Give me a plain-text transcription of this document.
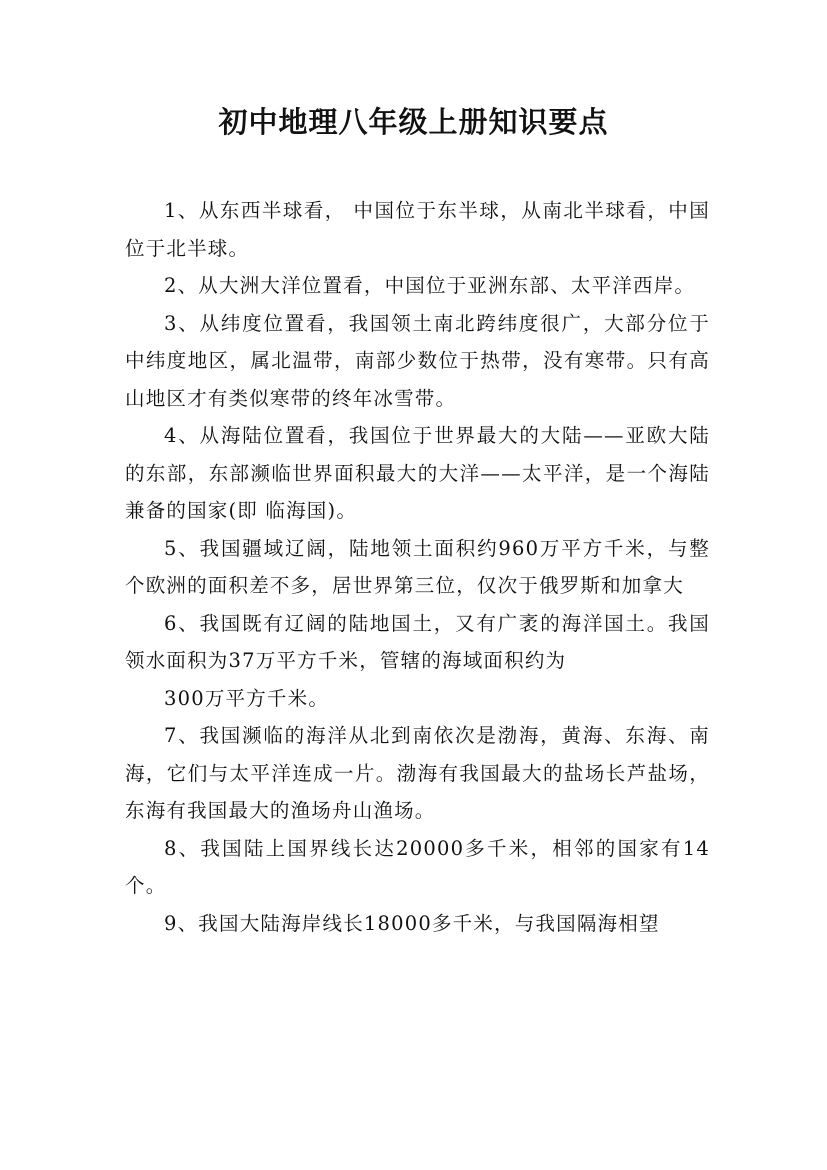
初中地理八年级上册知识要点

1、从东西半球看， 中国位于东半球，从南北半球看，中国位于北半球。

2、从大洲大洋位置看，中国位于亚洲东部、太平洋西岸。

3、从纬度位置看，我国领土南北跨纬度很广，大部分位于中纬度地区，属北温带，南部少数位于热带，没有寒带。只有高山地区才有类似寒带的终年冰雪带。

4、从海陆位置看，我国位于世界最大的大陆——亚欧大陆的东部，东部濒临世界面积最大的大洋——太平洋，是一个海陆兼备的国家(即 临海国)。

5、我国疆域辽阔，陆地领土面积约960万平方千米，与整个欧洲的面积差不多，居世界第三位，仅次于俄罗斯和加拿大

6、我国既有辽阔的陆地国土，又有广袤的海洋国土。我国领水面积为37万平方千米，管辖的海域面积约为

300万平方千米。

7、我国濒临的海洋从北到南依次是渤海，黄海、东海、南海，它们与太平洋连成一片。渤海有我国最大的盐场长芦盐场，东海有我国最大的渔场舟山渔场。

8、我国陆上国界线长达20000多千米，相邻的国家有14个。

9、我国大陆海岸线长18000多千米，与我国隔海相望
